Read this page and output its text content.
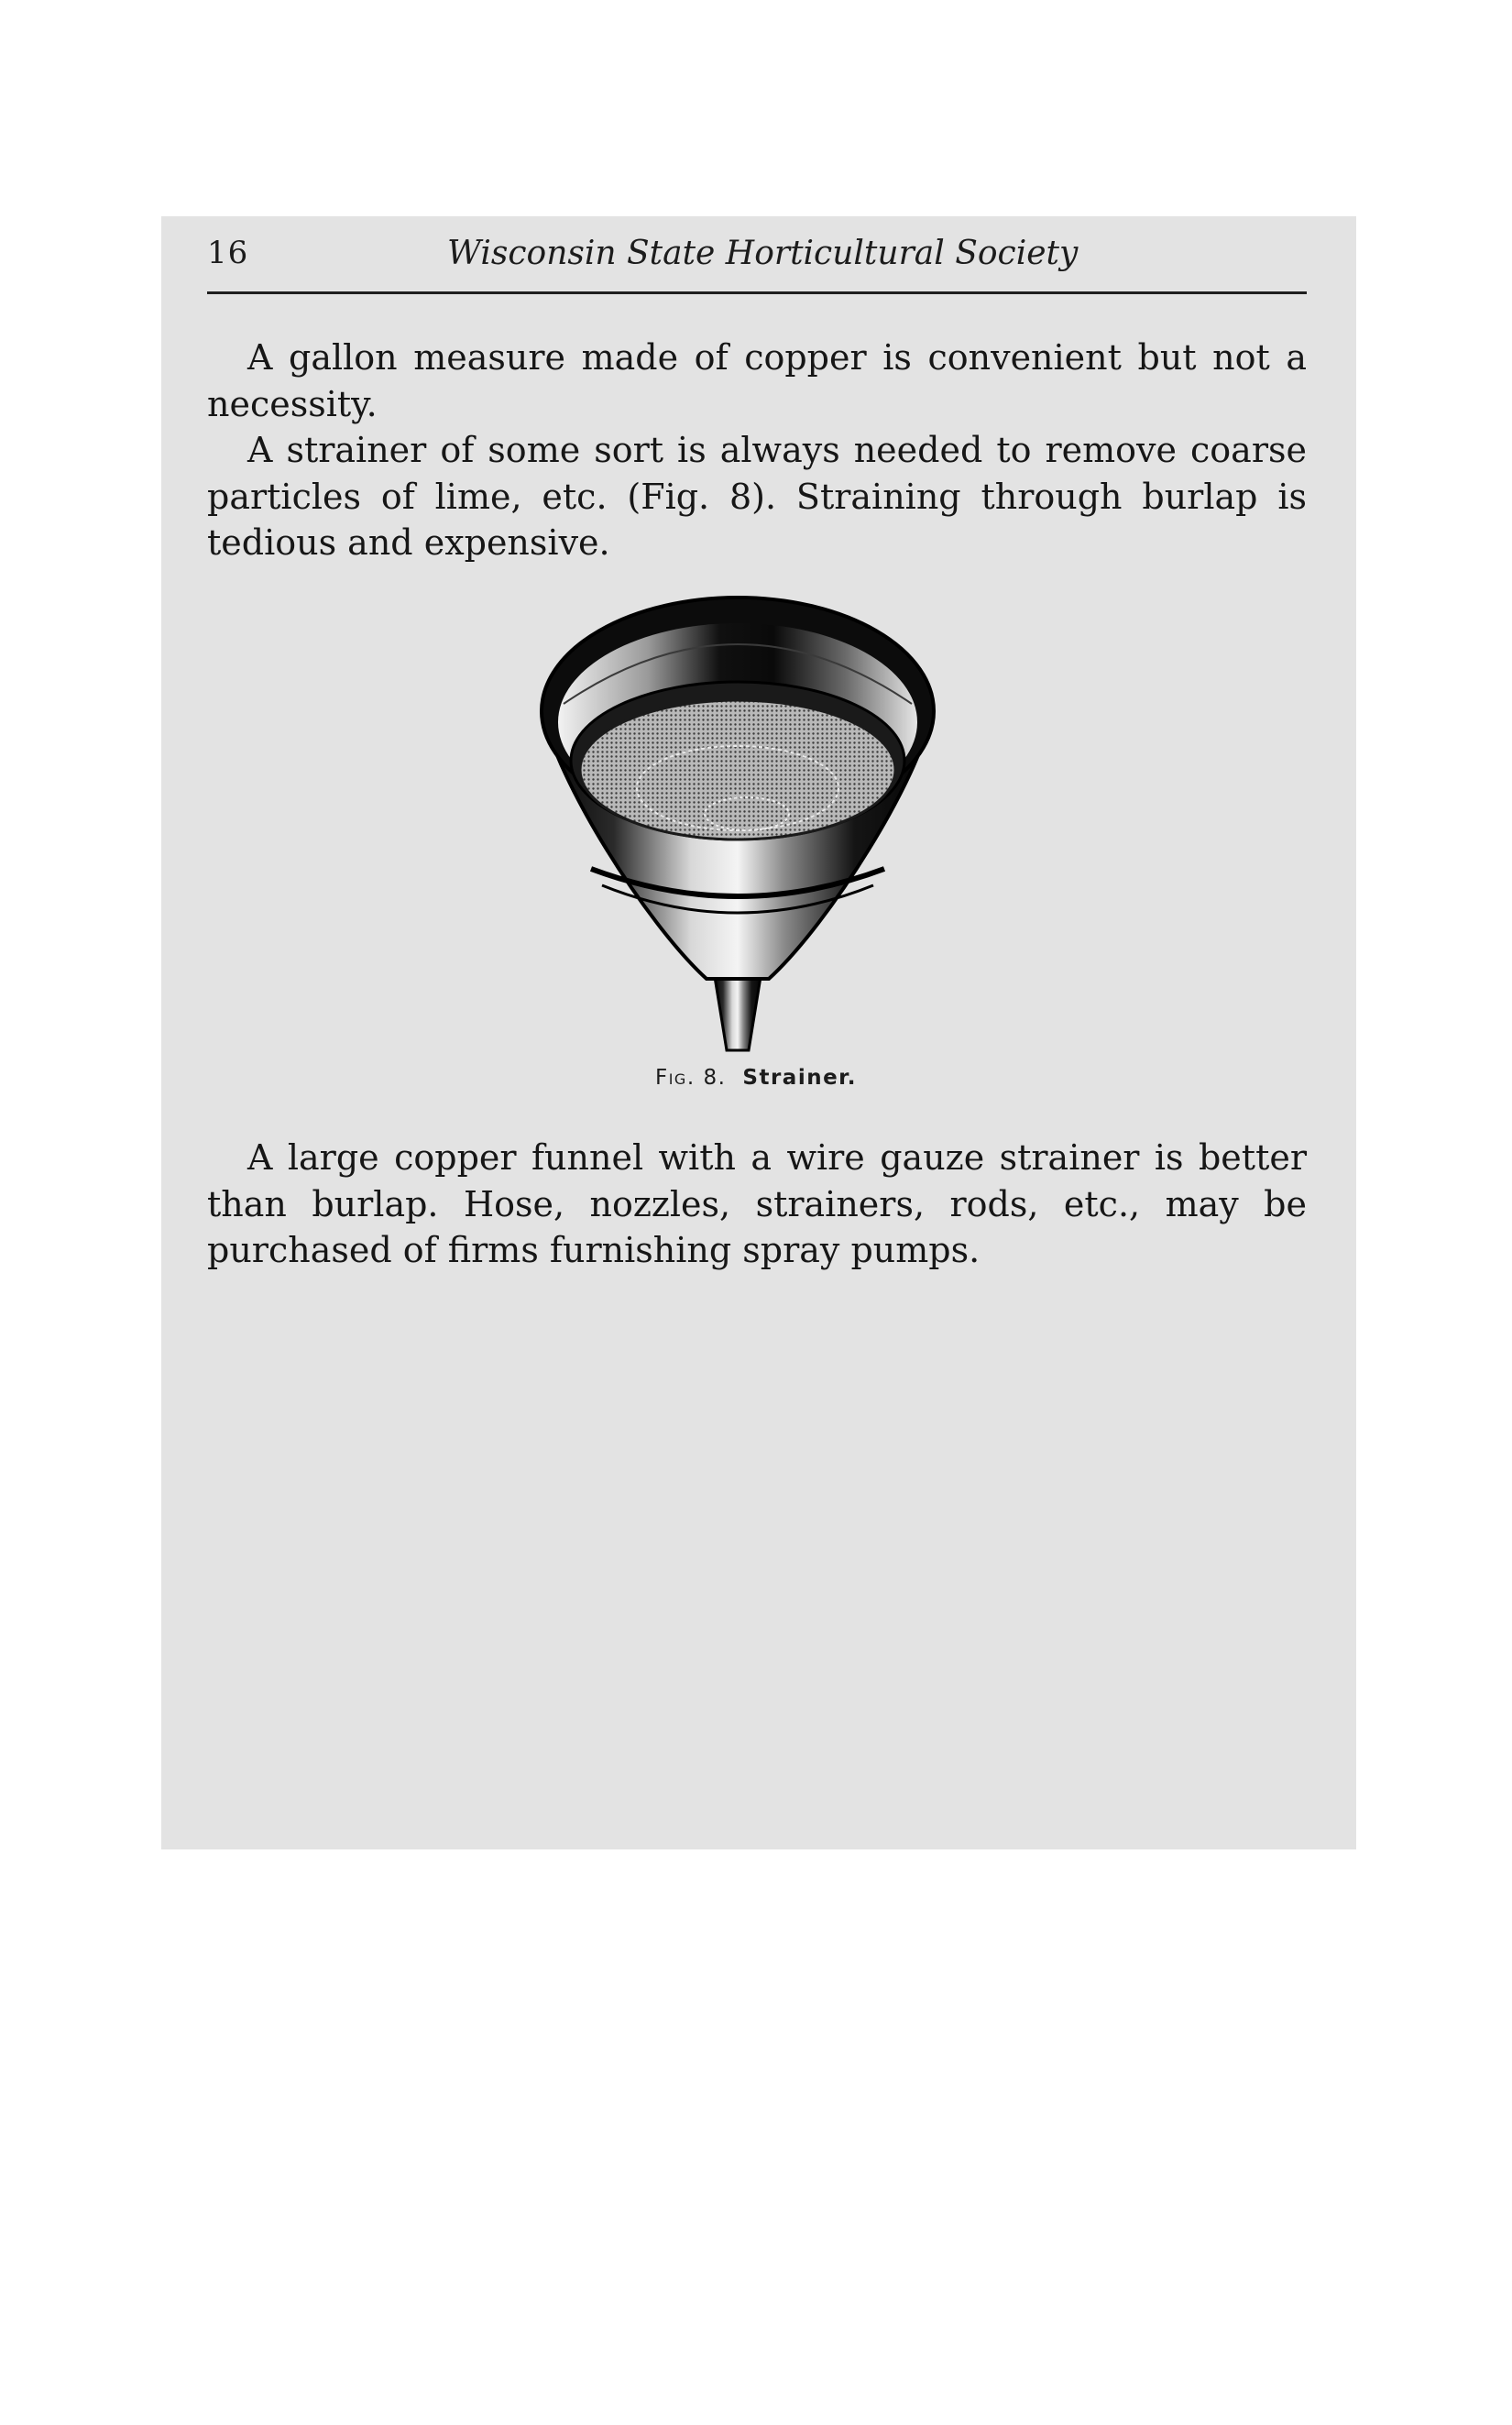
16	Wisconsin State Horticultural Society

A gallon measure made of copper is convenient but not a necessity.

A strainer of some sort is always needed to remove coarse particles of lime, etc. (Fig. 8). Straining through burlap is tedious and expensive.

Fig. 8. Strainer.

A large copper funnel with a wire gauze strainer is better than burlap. Hose, nozzles, strainers, rods, etc., may be purchased of firms furnishing spray pumps.
